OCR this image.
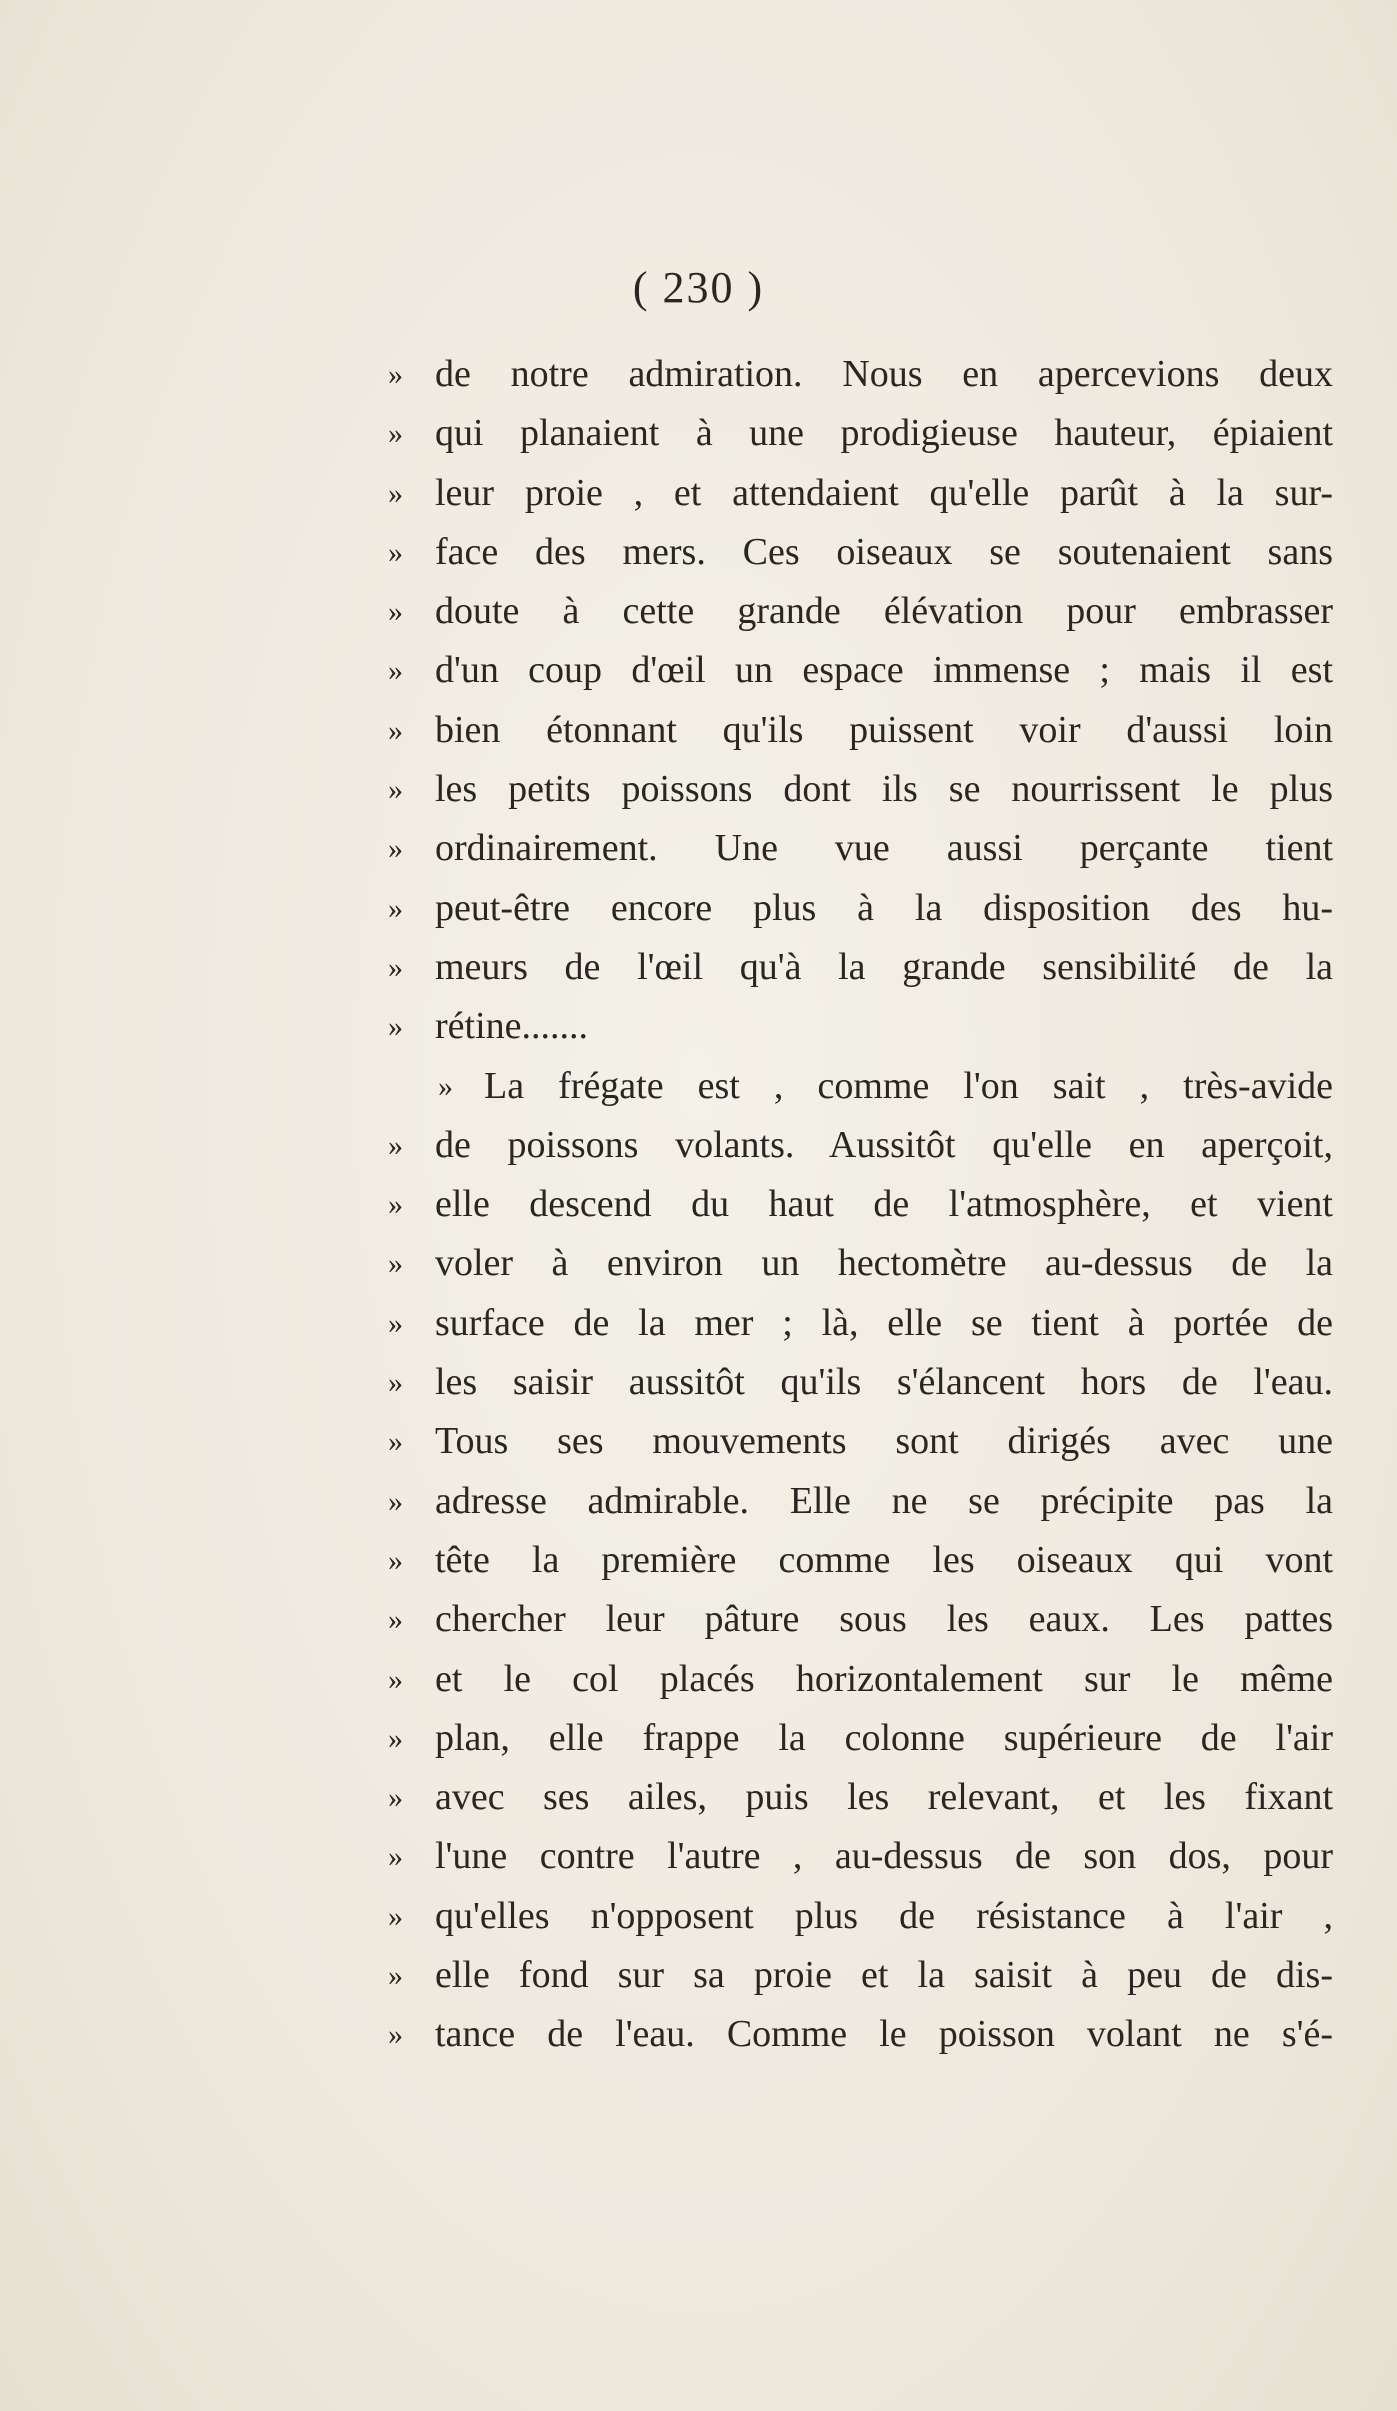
( 230 )
» de notre admiration. Nous en apercevions deux
» qui planaient à une prodigieuse hauteur, épiaient
» leur proie , et attendaient qu'elle parût à la sur-
» face des mers. Ces oiseaux se soutenaient sans
» doute à cette grande élévation pour embrasser
» d'un coup d'œil un espace immense ; mais il est
» bien étonnant qu'ils puissent voir d'aussi loin
» les petits poissons dont ils se nourrissent le plus
» ordinairement. Une vue aussi perçante tient
» peut-être encore plus à la disposition des hu-
» meurs de l'œil qu'à la grande sensibilité de la
» rétine.......
» La frégate est , comme l'on sait , très-avide
» de poissons volants. Aussitôt qu'elle en aperçoit,
» elle descend du haut de l'atmosphère, et vient
» voler à environ un hectomètre au-dessus de la
» surface de la mer ; là, elle se tient à portée de
» les saisir aussitôt qu'ils s'élancent hors de l'eau.
» Tous ses mouvements sont dirigés avec une
» adresse admirable. Elle ne se précipite pas la
» tête la première comme les oiseaux qui vont
» chercher leur pâture sous les eaux. Les pattes
» et le col placés horizontalement sur le même
» plan, elle frappe la colonne supérieure de l'air
» avec ses ailes, puis les relevant, et les fixant
» l'une contre l'autre , au-dessus de son dos, pour
» qu'elles n'opposent plus de résistance à l'air ,
» elle fond sur sa proie et la saisit à peu de dis-
» tance de l'eau. Comme le poisson volant ne s'é-
